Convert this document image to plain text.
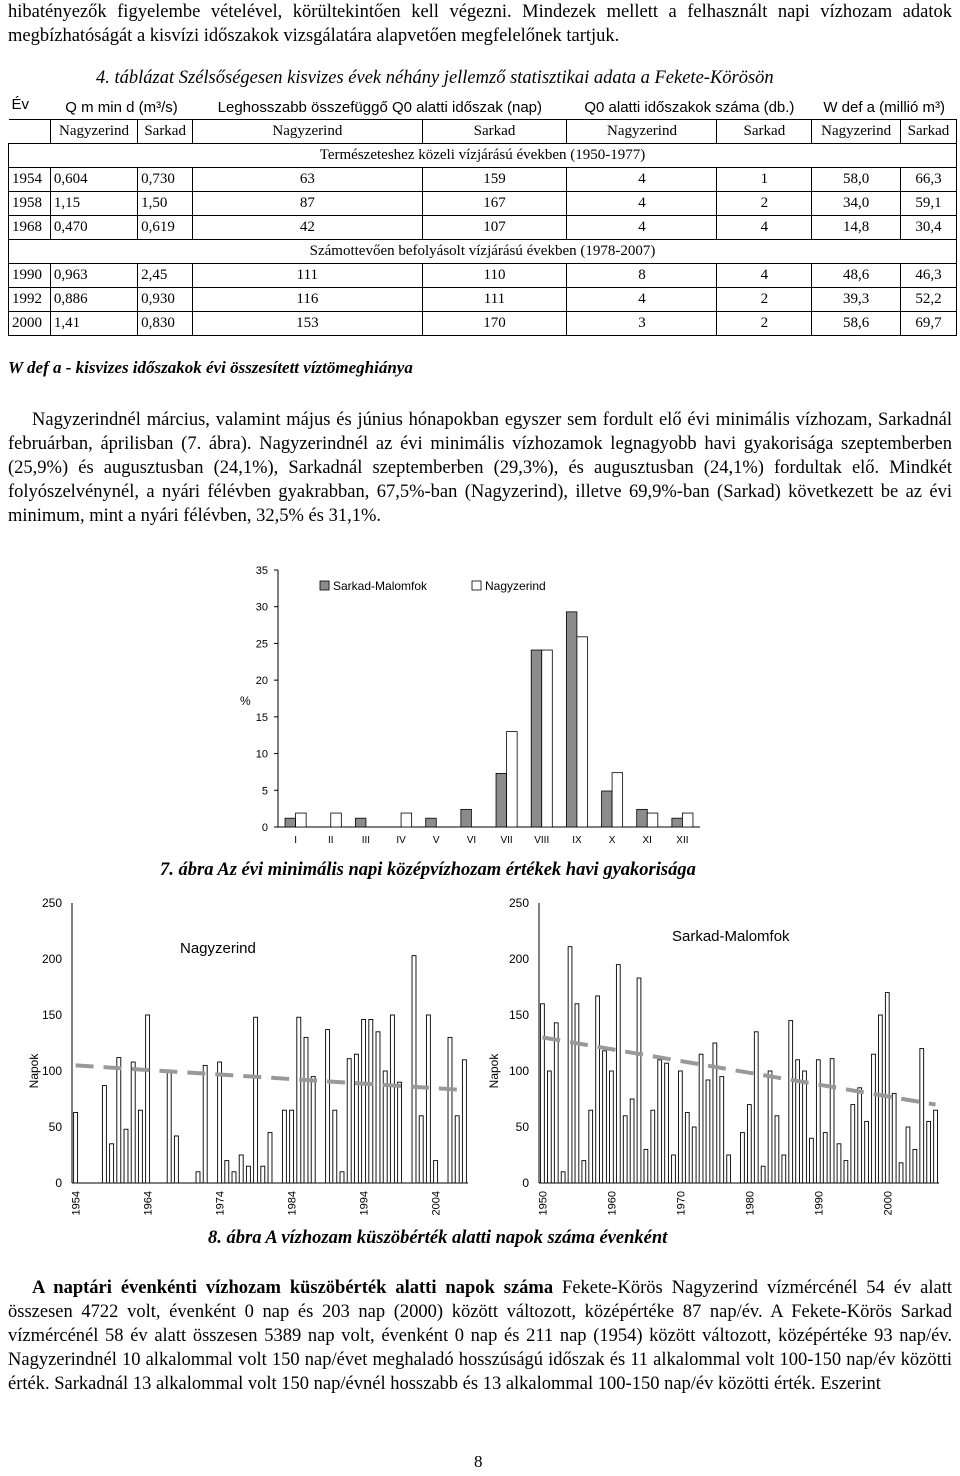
hibatényezők figyelembe vételével, körültekintően kell végezni. Mindezek mellett a felhasznált napi vízhozam adatok megbízhatóságát a kisvízi időszakok vizsgálatára alapvetően megfelelőnek tartjuk.
4. táblázat Szélsőségesen kisvizes évek néhány jellemző statisztikai adata a Fekete-Körösön
Év	Q m min d (m³/s)		Leghosszabb összefüggő Q0 alatti időszak (nap)		Q0 alatti időszakok száma (db.)		W def a (millió m³)	
	Nagyzerind	Sarkad	Nagyzerind	Sarkad	Nagyzerind	Sarkad	Nagyzerind	Sarkad
Természeteshez közeli vízjárású években (1950-1977)								
1954	0,604	0,730	63	159	4	1	58,0	66,3
1958	1,15	1,50	87	167	4	2	34,0	59,1
1968	0,470	0,619	42	107	4	4	14,8	30,4
Számottevően befolyásolt vízjárású években (1978-2007)								
1990	0,963	2,45	111	110	8	4	48,6	46,3
1992	0,886	0,930	116	111	4	2	39,3	52,2
2000	1,41	0,830	153	170	3	2	58,6	69,7
W def a - kisvizes időszakok évi összesített víztömeghiánya
Nagyzerindnél március, valamint május és június hónapokban egyszer sem fordult elő évi minimális vízhozam, Sarkadnál februárban, áprilisban (7. ábra). Nagyzerindnél az évi minimális vízhozamok legnagyobb havi gyakorisága szeptemberben (25,9%) és augusztusban (24,1%), Sarkadnál szeptemberben (29,3%), és augusztusban (24,1%) fordultak elő. Mindkét folyószelvénynél, a nyári félévben gyakrabban, 67,5%-ban (Nagyzerind), illetve 69,9%-ban (Sarkad) következett be az évi minimum, mint a nyári félévben, 32,5% és 31,1%.
0
5
10
15
20
25
30
35
%
I	II	III	IV	V	VI VII VIII IX	X	XI XII
Sarkad-Malomfok	Nagyzerind
7. ábra Az évi minimális napi középvízhozam értékek havi gyakorisága
0
50
100
150
200
250
Napok
Nagyzerind
1954	1964	1974	1984	1994	2004
0
50
100
150
200
250
Napok
Sarkad-Malomfok
1950	1960	1970	1980	1990	2000
8. ábra A vízhozam küszöbérték alatti napok száma évenként
A naptári évenkénti vízhozam küszöbérték alatti napok száma Fekete-Körös Nagyzerind vízmércénél 54 év alatt összesen 4722 volt, évenként 0 nap és 203 nap (2000) között változott, középértéke 87 nap/év. A Fekete-Körös Sarkad vízmércénél 58 év alatt összesen 5389 nap volt, évenként 0 nap és 211 nap (1954) között változott, középértéke 93 nap/év. Nagyzerindnél 10 alkalommal volt 150 nap/évet meghaladó hosszúságú időszak és 11 alkalommal volt 100-150 nap/év közötti érték. Sarkadnál 13 alkalommal volt 150 nap/évnél hosszabb és 13 alkalommal 100-150 nap/év közötti érték. Eszerint
8
